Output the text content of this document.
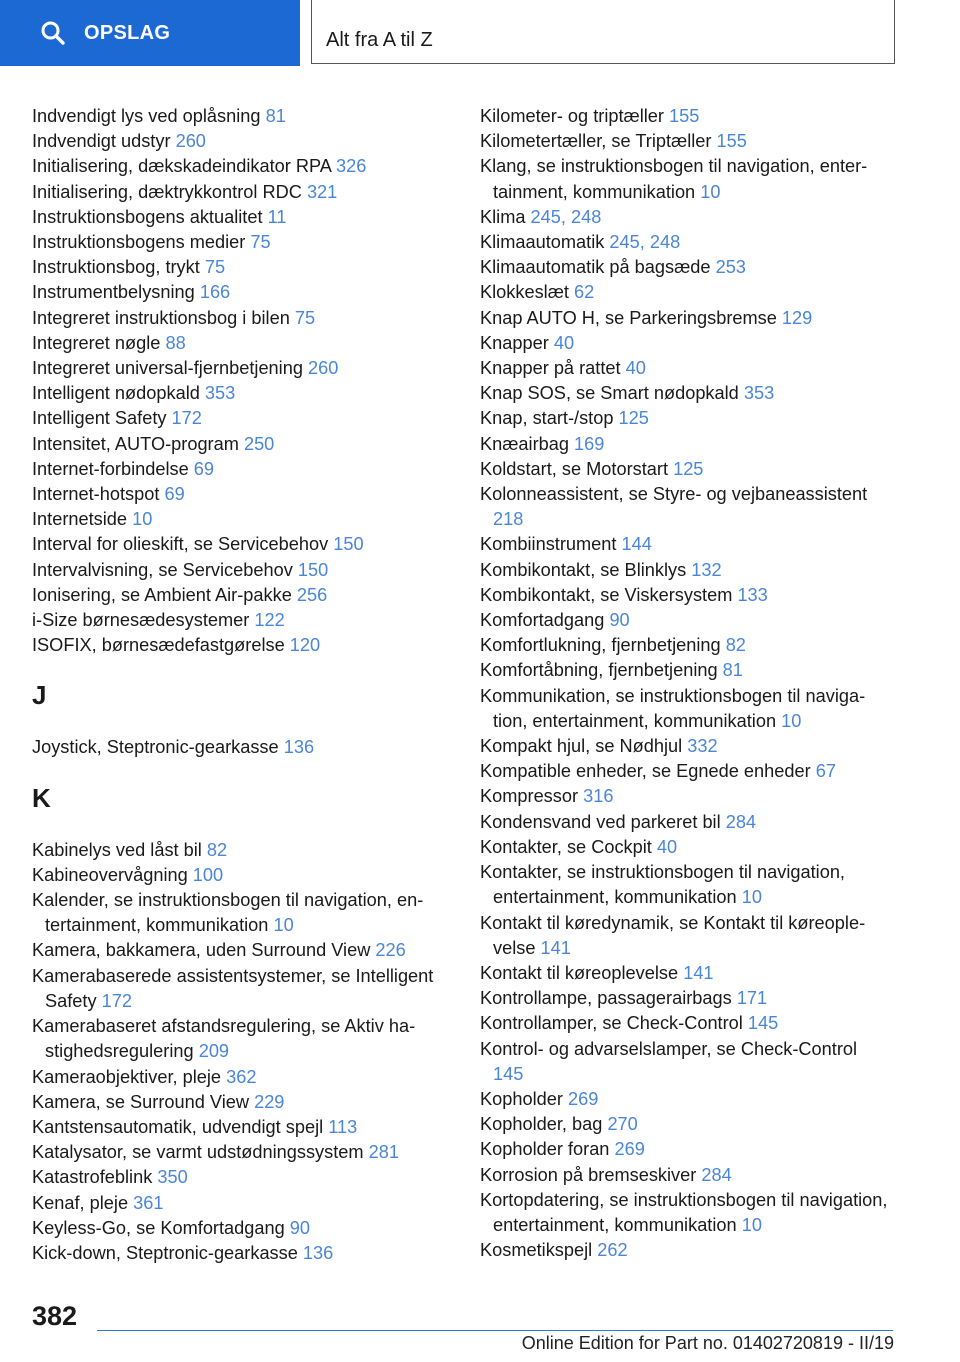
OPSLAG	Alt fra A til Z
Indvendigt lys ved oplåsning 81
Indvendigt udstyr 260
Initialisering, dækskadeindikator RPA 326
Initialisering, dæktrykkontrol RDC 321
Instruktionsbogens aktualitet 11
Instruktionsbogens medier 75
Instruktionsbog, trykt 75
Instrumentbelysning 166
Integreret instruktionsbog i bilen 75
Integreret nøgle 88
Integreret universal-fjernbetjening 260
Intelligent nødopkald 353
Intelligent Safety 172
Intensitet, AUTO-program 250
Internet-forbindelse 69
Internet-hotspot 69
Internetside 10
Interval for olieskift, se Servicebehov 150
Intervalvisning, se Servicebehov 150
Ionisering, se Ambient Air-pakke 256
i-Size børnesædesystemer 122
ISOFIX, børnesædefastgørelse 120
J
Joystick, Steptronic-gearkasse 136
K
Kabinelys ved låst bil 82
Kabineovervågning 100
Kalender, se instruktionsbogen til navigation, entertainment, kommunikation 10
Kamera, bakkamera, uden Surround View 226
Kamerabaserede assistentsystemer, se Intelligent Safety 172
Kamerabaseret afstandsregulering, se Aktiv hastighedsregulering 209
Kameraobjektiver, pleje 362
Kamera, se Surround View 229
Kantstensautomatik, udvendigt spejl 113
Katalysator, se varmt udstødningssystem 281
Katastrofeblink 350
Kenaf, pleje 361
Keyless-Go, se Komfortadgang 90
Kick-down, Steptronic-gearkasse 136
Kilometer- og triptæller 155
Kilometertæller, se Triptæller 155
Klang, se instruktionsbogen til navigation, entertainment, kommunikation 10
Klima 245, 248
Klimaautomatik 245, 248
Klimaautomatik på bagsæde 253
Klokkeslæt 62
Knap AUTO H, se Parkeringsbremse 129
Knapper 40
Knapper på rattet 40
Knap SOS, se Smart nødopkald 353
Knap, start-/stop 125
Knæairbag 169
Koldstart, se Motorstart 125
Kolonneassistent, se Styre- og vejbaneassistent 218
Kombiinstrument 144
Kombikontakt, se Blinklys 132
Kombikontakt, se Viskersystem 133
Komfortadgang 90
Komfortlukning, fjernbetjening 82
Komfortåbning, fjernbetjening 81
Kommunikation, se instruktionsbogen til navigation, entertainment, kommunikation 10
Kompakt hjul, se Nødhjul 332
Kompatible enheder, se Egnede enheder 67
Kompressor 316
Kondensvand ved parkeret bil 284
Kontakter, se Cockpit 40
Kontakter, se instruktionsbogen til navigation, entertainment, kommunikation 10
Kontakt til køredynamik, se Kontakt til køreoplevelse 141
Kontakt til køreoplevelse 141
Kontrollampe, passagerairbags 171
Kontrollamper, se Check-Control 145
Kontrol- og advarselslamper, se Check-Control 145
Kopholder 269
Kopholder, bag 270
Kopholder foran 269
Korrosion på bremseskiver 284
Kortopdatering, se instruktionsbogen til navigation, entertainment, kommunikation 10
Kosmetikspejl 262
382
Online Edition for Part no. 01402720819 - II/19
